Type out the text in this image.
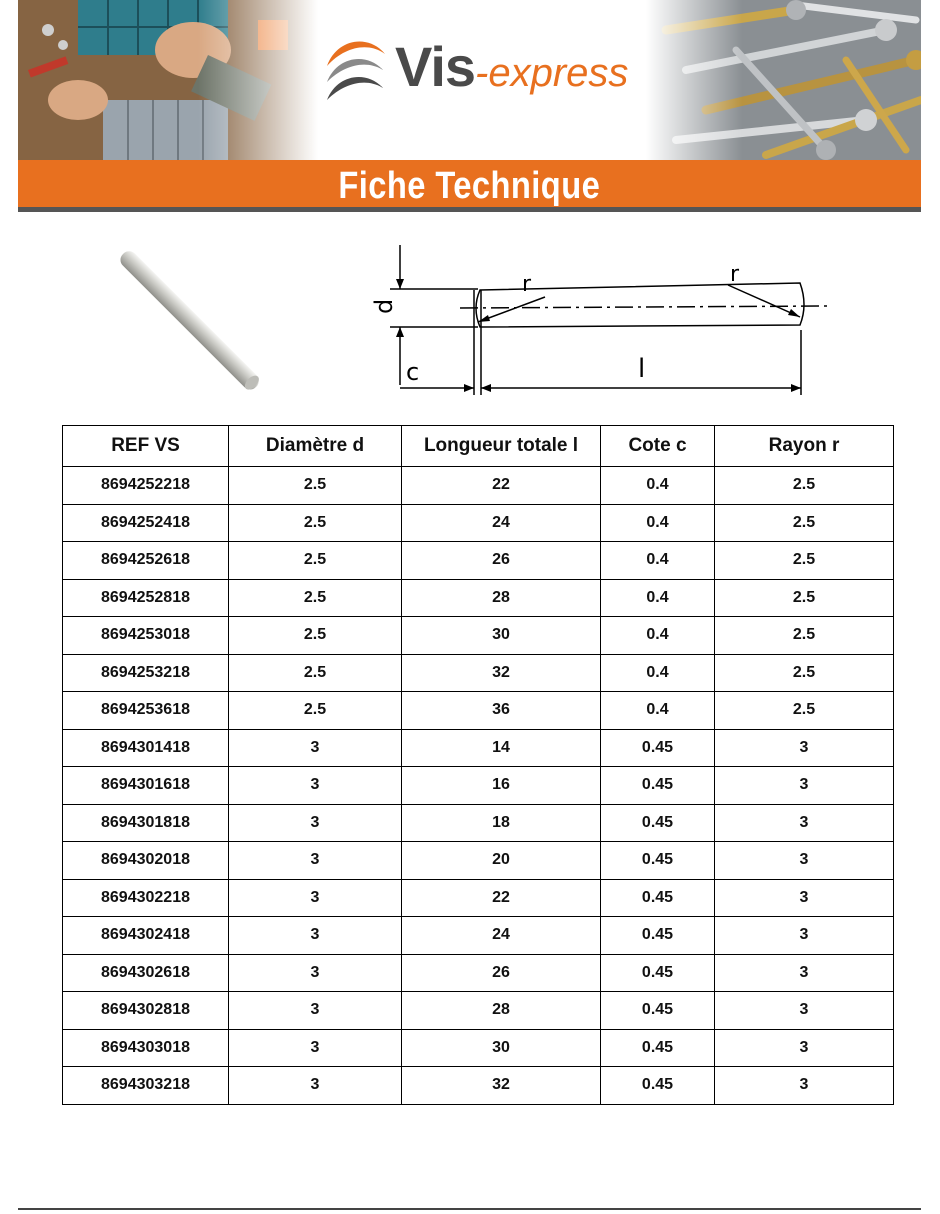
Vis-express
Fiche Technique
d
c	l
r	r
REF VS	Diamètre d	Longueur totale l	Cote c	Rayon r
8694252218	2.5	22	0.4	2.5
8694252418	2.5	24	0.4	2.5
8694252618	2.5	26	0.4	2.5
8694252818	2.5	28	0.4	2.5
8694253018	2.5	30	0.4	2.5
8694253218	2.5	32	0.4	2.5
8694253618	2.5	36	0.4	2.5
8694301418	3	14	0.45	3
8694301618	3	16	0.45	3
8694301818	3	18	0.45	3
8694302018	3	20	0.45	3
8694302218	3	22	0.45	3
8694302418	3	24	0.45	3
8694302618	3	26	0.45	3
8694302818	3	28	0.45	3
8694303018	3	30	0.45	3
8694303218	3	32	0.45	3
